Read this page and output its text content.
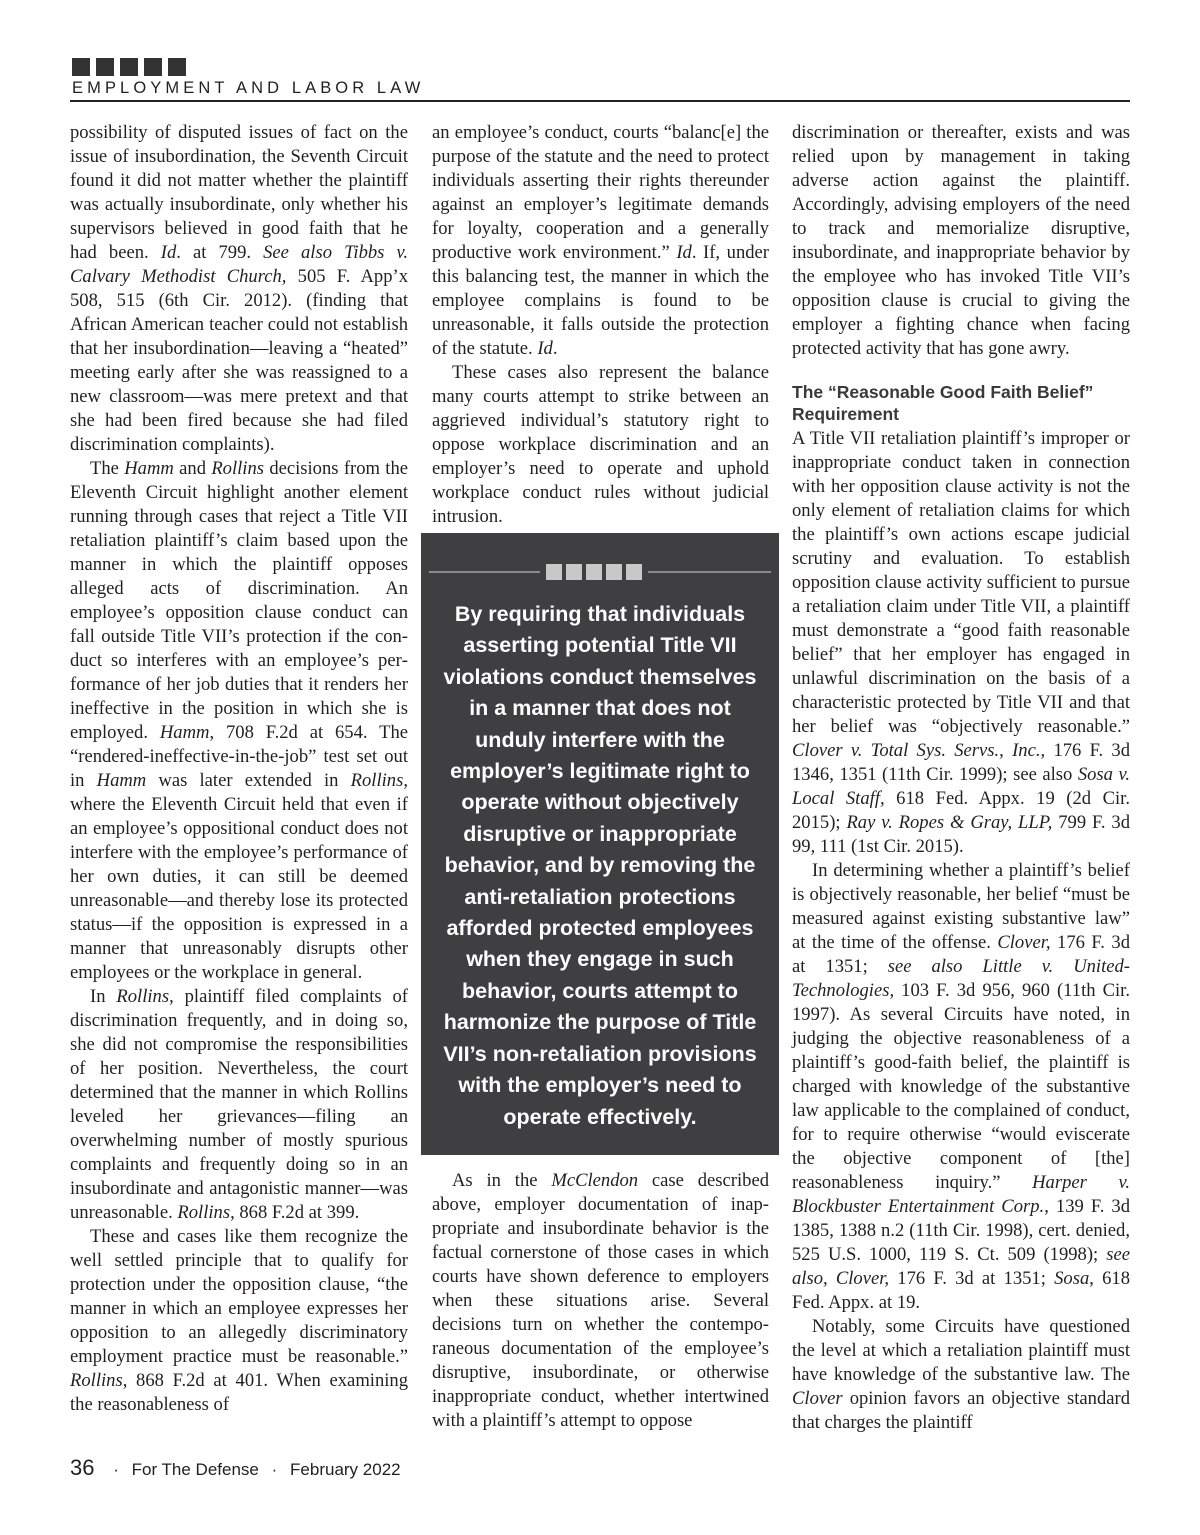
EMPLOYMENT AND LABOR LAW

possibility of disputed issues of fact on the issue of insubordination, the Seventh Circuit found it did not matter whether the plaintiff was actually insubordinate, only whether his supervisors believed in good faith that he had been. Id. at 799. See also Tibbs v. Calvary Methodist Church, 505 F. App’x 508, 515 (6th Cir. 2012). (finding that African American teacher could not establish that her insubordination—leaving a “heated” meeting early after she was reassigned to a new classroom—was mere pretext and that she had been fired because she had filed discrimination complaints).

The Hamm and Rollins decisions from the Eleventh Circuit highlight another element running through cases that reject a Title VII retaliation plaintiff’s claim based upon the manner in which the plaintiff opposes alleged acts of discrimination. An employee’s opposition clause conduct can fall outside Title VII’s protection if the conduct so interferes with an employee’s performance of her job duties that it renders her ineffective in the position in which she is employed. Hamm, 708 F.2d at 654. The “rendered-ineffective-in-the-job” test set out in Hamm was later extended in Rollins, where the Eleventh Circuit held that even if an employee’s oppositional conduct does not interfere with the employee’s performance of her own duties, it can still be deemed unreasonable—and thereby lose its protected status—if the opposition is expressed in a manner that unreasonably disrupts other employees or the workplace in general.

In Rollins, plaintiff filed complaints of discrimination frequently, and in doing so, she did not compromise the responsibilities of her position. Nevertheless, the court determined that the manner in which Rollins leveled her grievances—filing an overwhelming number of mostly spurious complaints and frequently doing so in an insubordinate and antagonistic manner—was unreasonable. Rollins, 868 F.2d at 399.

These and cases like them recognize the well settled principle that to qualify for protection under the opposition clause, “the manner in which an employee expresses her opposition to an allegedly discriminatory employment practice must be reasonable.” Rollins, 868 F.2d at 401. When examining the reasonableness of

an employee’s conduct, courts “balanc[e] the purpose of the statute and the need to protect individuals asserting their rights thereunder against an employer’s legitimate demands for loyalty, cooperation and a generally productive work environment.” Id. If, under this balancing test, the manner in which the employee complains is found to be unreasonable, it falls outside the protection of the statute. Id.

These cases also represent the balance many courts attempt to strike between an aggrieved individual’s statutory right to oppose workplace discrimination and an employer’s need to operate and uphold workplace conduct rules without judicial intrusion.

By requiring that individuals asserting potential Title VII violations conduct themselves in a manner that does not unduly interfere with the employer’s legitimate right to operate without objectively disruptive or inappropriate behavior, and by removing the anti-retaliation protections afforded protected employees when they engage in such behavior, courts attempt to harmonize the purpose of Title VII’s non-retaliation provisions with the employer’s need to operate effectively.

As in the McClendon case described above, employer documentation of inappropriate and insubordinate behavior is the factual cornerstone of those cases in which courts have shown deference to employers when these situations arise. Several decisions turn on whether the contemporaneous documentation of the employee’s disruptive, insubordinate, or otherwise inappropriate conduct, whether intertwined with a plaintiff’s attempt to oppose

discrimination or thereafter, exists and was relied upon by management in taking adverse action against the plaintiff. Accordingly, advising employers of the need to track and memorialize disruptive, insubordinate, and inappropriate behavior by the employee who has invoked Title VII’s opposition clause is crucial to giving the employer a fighting chance when facing protected activity that has gone awry.

The “Reasonable Good Faith Belief” Requirement

A Title VII retaliation plaintiff’s improper or inappropriate conduct taken in connection with her opposition clause activity is not the only element of retaliation claims for which the plaintiff’s own actions escape judicial scrutiny and evaluation. To establish opposition clause activity sufficient to pursue a retaliation claim under Title VII, a plaintiff must demonstrate a “good faith reasonable belief” that her employer has engaged in unlawful discrimination on the basis of a characteristic protected by Title VII and that her belief was “objectively reasonable.” Clover v. Total Sys. Servs., Inc., 176 F. 3d 1346, 1351 (11th Cir. 1999); see also Sosa v. Local Staff, 618 Fed. Appx. 19 (2d Cir. 2015); Ray v. Ropes & Gray, LLP, 799 F. 3d 99, 111 (1st Cir. 2015).

In determining whether a plaintiff’s belief is objectively reasonable, her belief “must be measured against existing substantive law” at the time of the offense. Clover, 176 F. 3d at 1351; see also Little v. United-Technologies, 103 F. 3d 956, 960 (11th Cir. 1997). As several Circuits have noted, in judging the objective reasonableness of a plaintiff’s good-faith belief, the plaintiff is charged with knowledge of the substantive law applicable to the complained of conduct, for to require otherwise “would eviscerate the objective component of [the] reasonableness inquiry.” Harper v. Blockbuster Entertainment Corp., 139 F. 3d 1385, 1388 n.2 (11th Cir. 1998), cert. denied, 525 U.S. 1000, 119 S. Ct. 509 (1998); see also, Clover, 176 F. 3d at 1351; Sosa, 618 Fed. Appx. at 19.

Notably, some Circuits have questioned the level at which a retaliation plaintiff must have knowledge of the substantive law. The Clover opinion favors an objective standard that charges the plaintiff

36 · For The Defense · February 2022
